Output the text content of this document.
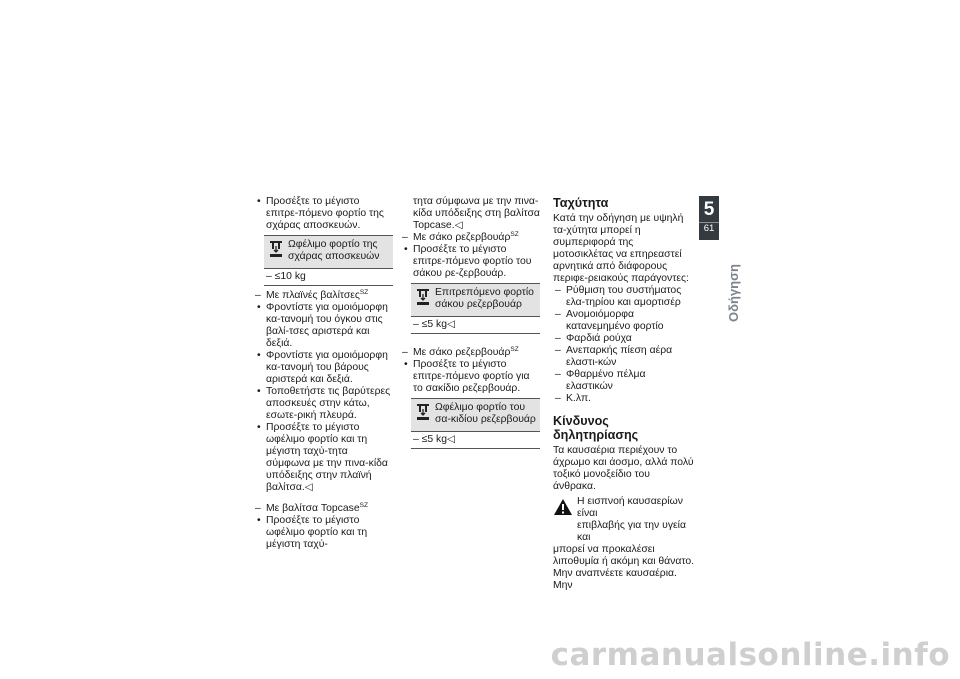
• Προσέξτε το μέγιστο επιτρε-πόμενο φορτίο της σχάρας αποσκευών.

Ωφέλιμο φορτίο της σχάρας αποσκευών
– ≤10 kg

– Με πλαϊνές βαλίτσες$^{SZ}$

• Φροντίστε για ομοιόμορφη κα-τανομή του όγκου στις βαλί-τσες αριστερά και δεξιά.

• Φροντίστε για ομοιόμορφη κα-τανομή του βάρους αριστερά και δεξιά.

• Τοποθετήστε τις βαρύτερες αποσκευές στην κάτω, εσωτε-ρική πλευρά.

• Προσέξτε το μέγιστο ωφέλιμο φορτίο και τη μέγιστη ταχύ-τητα σύμφωνα με την πινα-κίδα υπόδειξης στην πλαϊνή βαλίτσα.◁

– Με βαλίτσα Topcase$^{SZ}$

• Προσέξτε το μέγιστο ωφέλιμο φορτίο και τη μέγιστη ταχύ-

τητα σύμφωνα με την πινα-κίδα υπόδειξης στη βαλίτσα Topcase.◁

– Με σάκο ρεζερβουάρ$^{SZ}$

• Προσέξτε το μέγιστο επιτρε-πόμενο φορτίο του σάκου ρε-ζερβουάρ.

Επιτρεπόμενο φορτίο σάκου ρεζερβουάρ
– ≤5 kg◁

– Με σάκο ρεζερβουάρ$^{SZ}$

• Προσέξτε το μέγιστο επιτρε-πόμενο φορτίο για το σακίδιο ρεζερβουάρ.

Ωφέλιμο φορτίο του σα-κιδίου ρεζερβουάρ
– ≤5 kg◁
Ταχύτητα

Κατά την οδήγηση με υψηλή τα-χύτητα μπορεί η συμπεριφορά της μοτοσικλέτας να επηρεαστεί αρνητικά από διάφορους περιφε-ρειακούς παράγοντες:

– Ρύθμιση του συστήματος ελα-τηρίου και αμορτισέρ

– Ανομοιόμορφα κατανεμημένο φορτίο

– Φαρδιά ρούχα

– Ανεπαρκής πίεση αέρα ελαστι-κών

– Φθαρμένο πέλμα ελαστικών

– Κ.λπ.

Κίνδυνος δηλητηρίασης

Τα καυσαέρια περιέχουν το άχρωμο και άοσμο, αλλά πολύ τοξικό μονοξείδιο του άνθρακα.

Η εισπνοή καυσαερίων είναι

επιβλαβής για την υγεία και

μπορεί να προκαλέσει λιποθυμία ή ακόμη και θάνατο.

Μην αναπνέετε καυσαέρια. Μην

5
61
Οδήγηση
carmanualsonline.info
